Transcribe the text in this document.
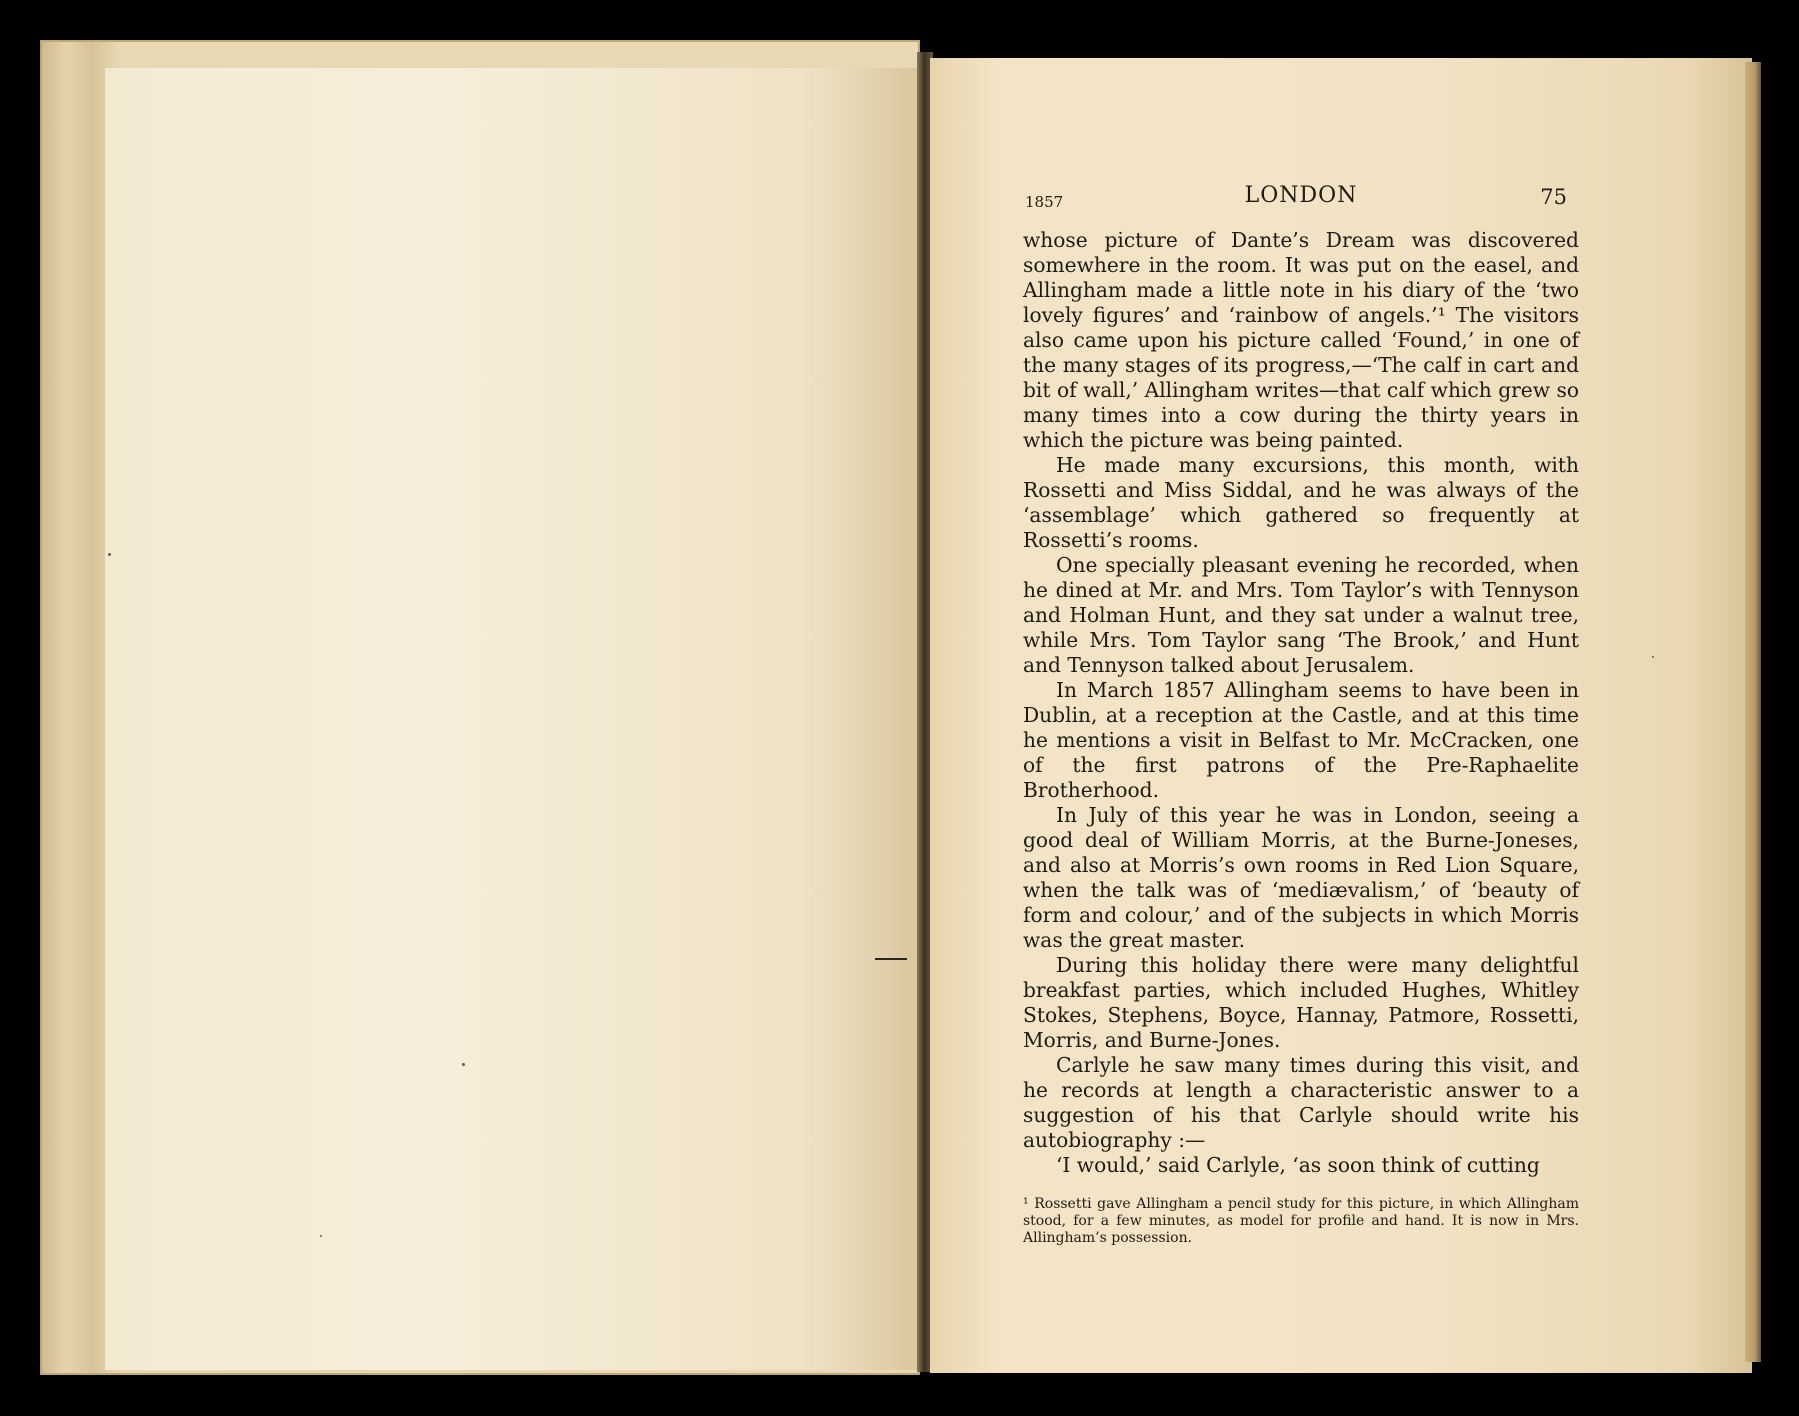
1857	LONDON	75

whose picture of Dante’s Dream was discovered somewhere in the room. It was put on the easel, and Allingham made a little note in his diary of the ‘two lovely figures’ and ‘rainbow of angels.’¹ The visitors also came upon his picture called ‘Found,’ in one of the many stages of its progress,—‘The calf in cart and bit of wall,’ Allingham writes—that calf which grew so many times into a cow during the thirty years in which the picture was being painted.

He made many excursions, this month, with Rossetti and Miss Siddal, and he was always of the ‘assemblage’ which gathered so frequently at Rossetti’s rooms.

One specially pleasant evening he recorded, when he dined at Mr. and Mrs. Tom Taylor’s with Tennyson and Holman Hunt, and they sat under a walnut tree, while Mrs. Tom Taylor sang ‘The Brook,’ and Hunt and Tennyson talked about Jerusalem.

In March 1857 Allingham seems to have been in Dublin, at a reception at the Castle, and at this time he mentions a visit in Belfast to Mr. McCracken, one of the first patrons of the Pre-Raphaelite Brotherhood.

In July of this year he was in London, seeing a good deal of William Morris, at the Burne-Joneses, and also at Morris’s own rooms in Red Lion Square, when the talk was of ‘mediævalism,’ of ‘beauty of form and colour,’ and of the subjects in which Morris was the great master.

During this holiday there were many delightful breakfast parties, which included Hughes, Whitley Stokes, Stephens, Boyce, Hannay, Patmore, Rossetti, Morris, and Burne-Jones.

Carlyle he saw many times during this visit, and he records at length a characteristic answer to a suggestion of his that Carlyle should write his autobiography :—

‘I would,’ said Carlyle, ‘as soon think of cutting

¹ Rossetti gave Allingham a pencil study for this picture, in which Allingham stood, for a few minutes, as model for profile and hand. It is now in Mrs. Allingham’s possession.
